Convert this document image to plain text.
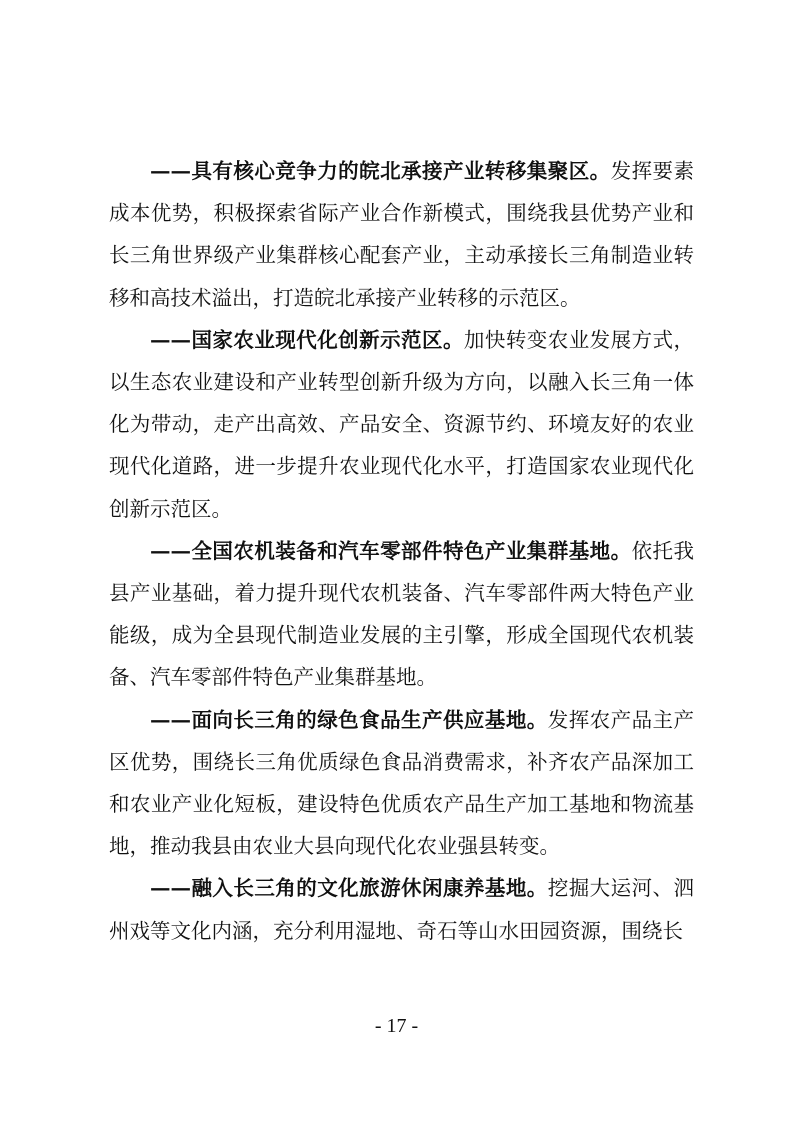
——具有核心竞争力的皖北承接产业转移集聚区。发挥要素成本优势，积极探索省际产业合作新模式，围绕我县优势产业和长三角世界级产业集群核心配套产业，主动承接长三角制造业转移和高技术溢出，打造皖北承接产业转移的示范区。

——国家农业现代化创新示范区。加快转变农业发展方式，以生态农业建设和产业转型创新升级为方向，以融入长三角一体化为带动，走产出高效、产品安全、资源节约、环境友好的农业现代化道路，进一步提升农业现代化水平，打造国家农业现代化创新示范区。

——全国农机装备和汽车零部件特色产业集群基地。依托我县产业基础，着力提升现代农机装备、汽车零部件两大特色产业能级，成为全县现代制造业发展的主引擎，形成全国现代农机装备、汽车零部件特色产业集群基地。

——面向长三角的绿色食品生产供应基地。发挥农产品主产区优势，围绕长三角优质绿色食品消费需求，补齐农产品深加工和农业产业化短板，建设特色优质农产品生产加工基地和物流基地，推动我县由农业大县向现代化农业强县转变。

——融入长三角的文化旅游休闲康养基地。挖掘大运河、泗州戏等文化内涵，充分利用湿地、奇石等山水田园资源，围绕长

- 17 -
